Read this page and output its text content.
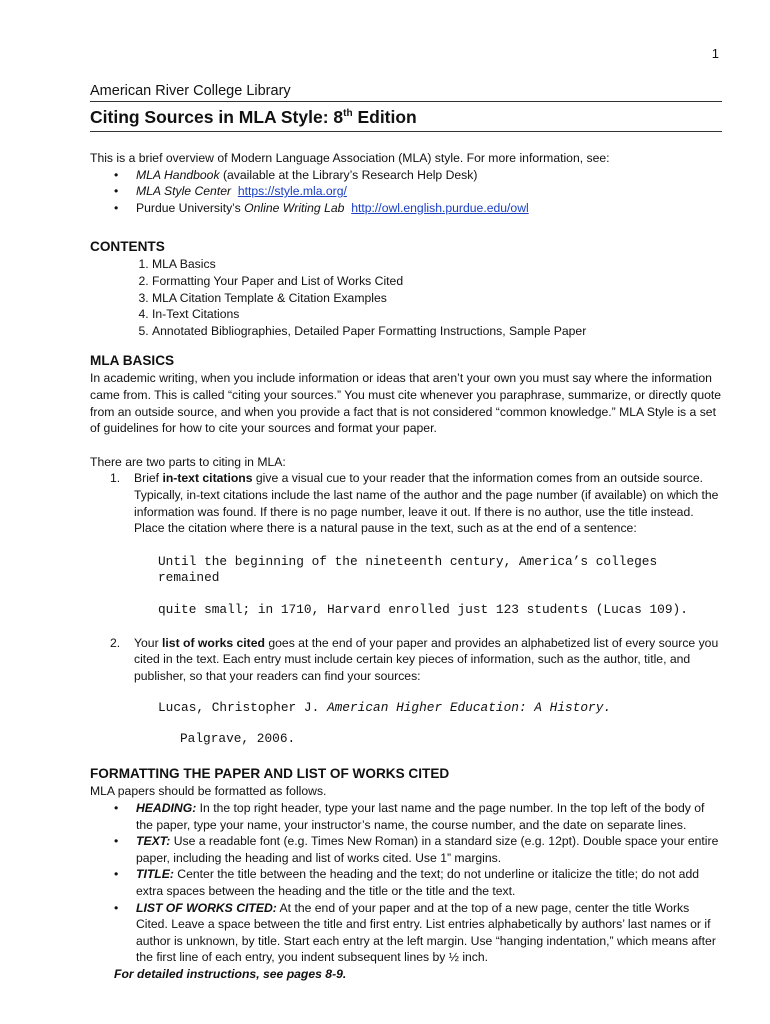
1
American River College Library
Citing Sources in MLA Style: 8th Edition

This is a brief overview of Modern Language Association (MLA) style. For more information, see:

• MLA Handbook (available at the Library’s Research Help Desk)
• MLA Style Center https://style.mla.org/
• Purdue University’s Online Writing Lab http://owl.english.purdue.edu/owl
CONTENTS
1. MLA Basics
2. Formatting Your Paper and List of Works Cited
3. MLA Citation Template & Citation Examples
4. In-Text Citations
5. Annotated Bibliographies, Detailed Paper Formatting Instructions, Sample Paper
MLA BASICS

In academic writing, when you include information or ideas that aren’t your own you must say where the information came from. This is called “citing your sources.” You must cite whenever you paraphrase, summarize, or directly quote from an outside source, and when you provide a fact that is not considered “common knowledge.” MLA Style is a set of guidelines for how to cite your sources and format your paper.

There are two parts to citing in MLA:

1. Brief in-text citations give a visual cue to your reader that the information comes from an outside source. Typically, in-text citations include the last name of the author and the page number (if available) on which the information was found. If there is no page number, leave it out. If there is no author, use the title instead. Place the citation where there is a natural pause in the text, such as at the end of a sentence:
Until the beginning of the nineteenth century, America’s colleges remained
quite small; in 1710, Harvard enrolled just 123 students (Lucas 109).
2. Your list of works cited goes at the end of your paper and provides an alphabetized list of every source you cited in the text. Each entry must include certain key pieces of information, such as the author, title, and publisher, so that your readers can find your sources:
Lucas, Christopher J. American Higher Education: A History.
Palgrave, 2006.
FORMATTING THE PAPER AND LIST OF WORKS CITED

MLA papers should be formatted as follows.

• HEADING: In the top right header, type your last name and the page number. In the top left of the body of the paper, type your name, your instructor’s name, the course number, and the date on separate lines.
• TEXT: Use a readable font (e.g. Times New Roman) in a standard size (e.g. 12pt). Double space your entire paper, including the heading and list of works cited. Use 1” margins.
• TITLE: Center the title between the heading and the text; do not underline or italicize the title; do not add extra spaces between the heading and the title or the title and the text.
• LIST OF WORKS CITED: At the end of your paper and at the top of a new page, center the title Works Cited. Leave a space between the title and first entry. List entries alphabetically by authors’ last names or if author is unknown, by title. Start each entry at the left margin. Use “hanging indentation,” which means after the first line of each entry, you indent subsequent lines by ½ inch.

For detailed instructions, see pages 8-9.
